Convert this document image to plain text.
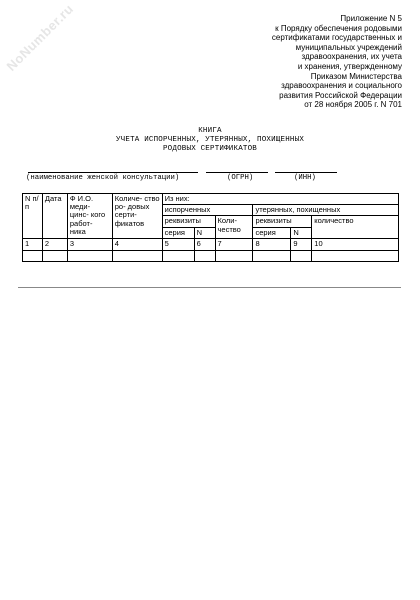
NoNumber.ru	Приложение N 5
к Порядку обеспечения родовыми
сертификатами государственных и
муниципальных учреждений
здравоохранения, их учета
и хранения, утвержденному
Приказом Министерства
здравоохранения и социального
развития Российской Федерации
от 28 ноября 2005 г. N 701
КНИГА
УЧЕТА ИСПОРЧЕННЫХ, УТЕРЯННЫХ, ПОХИЩЕННЫХ
РОДОВЫХ СЕРТИФИКАТОВ
(наименование женской консультации)	(ОГРН)	(ИНН)
N п/п	Дата	Ф И.О. меди- цинс- кого работ- ника	Количе- ство ро- довых серти- фикатов	Из них:					
				испорченных			утерянных, похищенных		
				реквизиты		Коли- чество	реквизиты		количество
				серия	N		серия	N	
1	2	3	4	5	6	7	8	9	10
